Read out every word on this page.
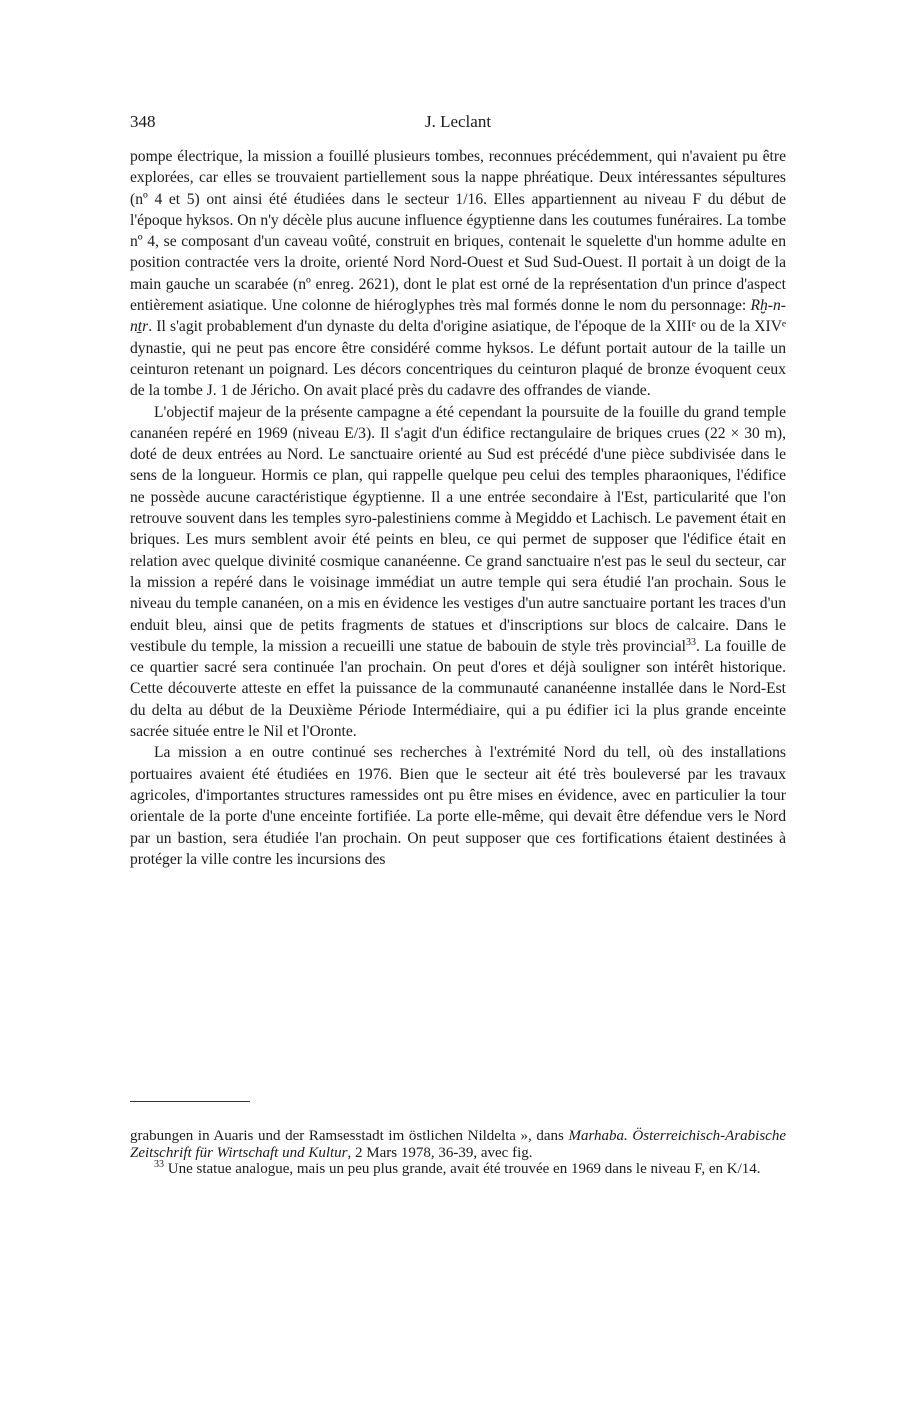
348	J. Leclant

pompe électrique, la mission a fouillé plusieurs tombes, reconnues précédemment, qui n'avaient pu être explorées, car elles se trouvaient partiellement sous la nappe phréatique. Deux intéressantes sépultures (nº 4 et 5) ont ainsi été étudiées dans le secteur 1/16. Elles appartiennent au niveau F du début de l'époque hyksos. On n'y décèle plus aucune influence égyptienne dans les coutumes funéraires. La tombe nº 4, se composant d'un caveau voûté, construit en briques, contenait le squelette d'un homme adulte en position contractée vers la droite, orienté Nord Nord-Ouest et Sud Sud-Ouest. Il portait à un doigt de la main gauche un scarabée (nº enreg. 2621), dont le plat est orné de la représentation d'un prince d'aspect entièrement asiatique. Une colonne de hiéroglyphes très mal formés donne le nom du personnage: Rḫ-n-nṯr. Il s'agit probablement d'un dynaste du delta d'origine asiatique, de l'époque de la XIIIᵉ ou de la XIVᵉ dynastie, qui ne peut pas encore être considéré comme hyksos. Le défunt portait autour de la taille un ceinturon retenant un poignard. Les décors concentriques du ceinturon plaqué de bronze évoquent ceux de la tombe J. 1 de Jéricho. On avait placé près du cadavre des offrandes de viande.

L'objectif majeur de la présente campagne a été cependant la poursuite de la fouille du grand temple cananéen repéré en 1969 (niveau E/3). Il s'agit d'un édifice rectangulaire de briques crues (22 × 30 m), doté de deux entrées au Nord. Le sanctuaire orienté au Sud est précédé d'une pièce subdivisée dans le sens de la longueur. Hormis ce plan, qui rappelle quelque peu celui des temples pharaoniques, l'édifice ne possède aucune caractéristique égyptienne. Il a une entrée secondaire à l'Est, particularité que l'on retrouve souvent dans les temples syro-palestiniens comme à Megiddo et Lachisch. Le pavement était en briques. Les murs semblent avoir été peints en bleu, ce qui permet de supposer que l'édifice était en relation avec quelque divinité cosmique cananéenne. Ce grand sanctuaire n'est pas le seul du secteur, car la mission a repéré dans le voisinage immédiat un autre temple qui sera étudié l'an prochain. Sous le niveau du temple cananéen, on a mis en évidence les vestiges d'un autre sanctuaire portant les traces d'un enduit bleu, ainsi que de petits fragments de statues et d'inscriptions sur blocs de calcaire. Dans le vestibule du temple, la mission a recueilli une statue de babouin de style très provincial$^{33}$. La fouille de ce quartier sacré sera continuée l'an prochain. On peut d'ores et déjà souligner son intérêt historique. Cette découverte atteste en effet la puissance de la communauté cananéenne installée dans le Nord-Est du delta au début de la Deuxième Période Intermédiaire, qui a pu édifier ici la plus grande enceinte sacrée située entre le Nil et l'Oronte.

La mission a en outre continué ses recherches à l'extrémité Nord du tell, où des installations portuaires avaient été étudiées en 1976. Bien que le secteur ait été très bouleversé par les travaux agricoles, d'importantes structures ramessides ont pu être mises en évidence, avec en particulier la tour orientale de la porte d'une enceinte fortifiée. La porte elle-même, qui devait être défendue vers le Nord par un bastion, sera étudiée l'an prochain. On peut supposer que ces fortifications étaient destinées à protéger la ville contre les incursions des

grabungen in Auaris und der Ramsesstadt im östlichen Nildelta », dans Marhaba. Österreichisch-Arabische Zeitschrift für Wirtschaft und Kultur, 2 Mars 1978, 36-39, avec fig.

$^{33}$ Une statue analogue, mais un peu plus grande, avait été trouvée en 1969 dans le niveau F, en K/14.
